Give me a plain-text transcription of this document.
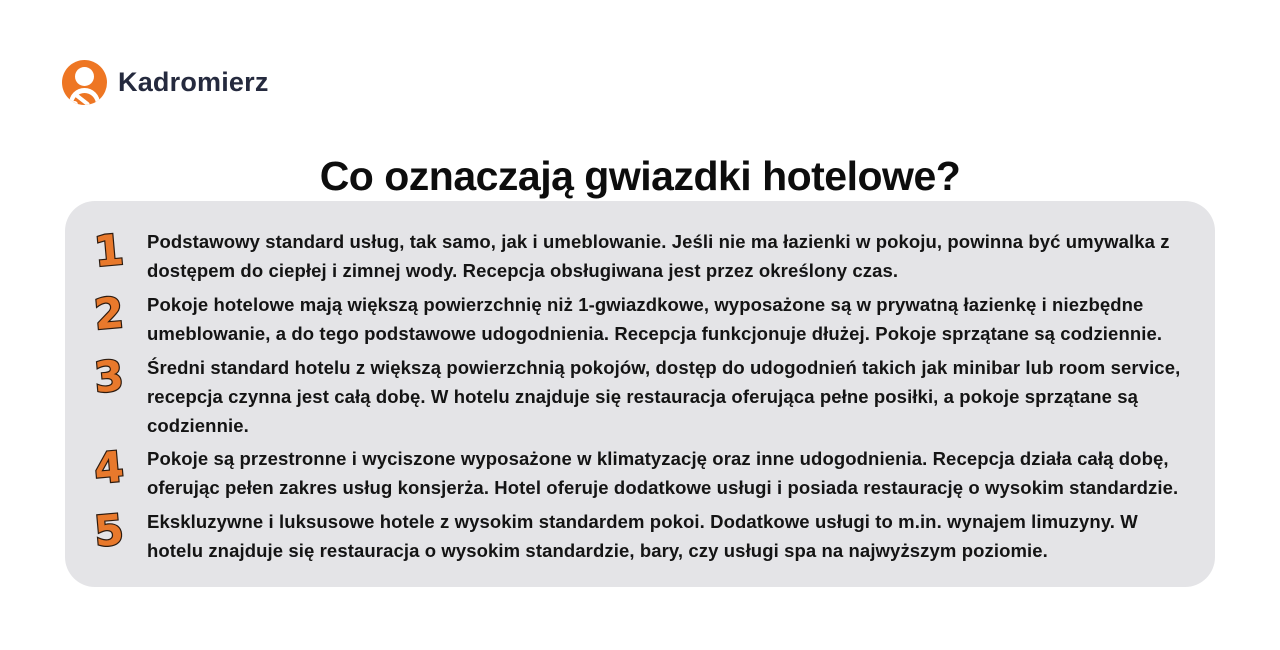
Kadromierz
Co oznaczają gwiazdki hotelowe?
1	Podstawowy standard usług, tak samo, jak i umeblowanie. Jeśli nie ma łazienki w pokoju, powinna być umywalka z dostępem do ciepłej i zimnej wody. Recepcja obsługiwana jest przez określony czas.
2	Pokoje hotelowe mają większą powierzchnię niż 1-gwiazdkowe, wyposażone są w prywatną łazienkę i niezbędne umeblowanie, a do tego podstawowe udogodnienia. Recepcja funkcjonuje dłużej. Pokoje sprzątane są codziennie.
3	Średni standard hotelu z większą powierzchnią pokojów, dostęp do udogodnień takich jak minibar lub room service, recepcja czynna jest całą dobę. W hotelu znajduje się restauracja oferująca pełne posiłki, a pokoje sprzątane są codziennie.
4	Pokoje są przestronne i wyciszone wyposażone w klimatyzację oraz inne udogodnienia. Recepcja działa całą dobę, oferując pełen zakres usług konsjerża. Hotel oferuje dodatkowe usługi i posiada restaurację o wysokim standardzie.
5	Ekskluzywne i luksusowe hotele z wysokim standardem pokoi. Dodatkowe usługi to m.in. wynajem limuzyny. W hotelu znajduje się restauracja o wysokim standardzie, bary, czy usługi spa na najwyższym poziomie.
